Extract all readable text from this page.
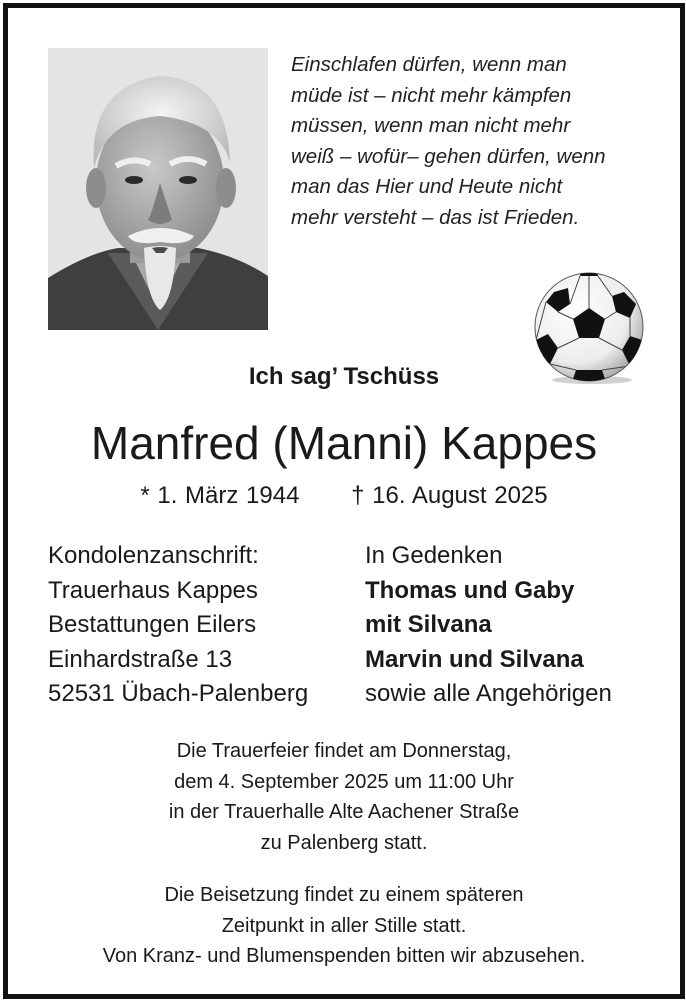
Einschlafen dürfen, wenn man
müde ist – nicht mehr kämpfen
müssen, wenn man nicht mehr
weiß – wofür– gehen dürfen, wenn
man das Hier und Heute nicht
mehr versteht – das ist Frieden.
Ich sag’ Tschüss
Manfred (Manni) Kappes
* 1. März 1944 † 16. August 2025
Kondolenzanschrift:
Trauerhaus Kappes
Bestattungen Eilers
Einhardstraße 13
52531 Übach-Palenberg
In Gedenken
Thomas und Gaby
mit Silvana
Marvin und Silvana
sowie alle Angehörigen
Die Trauerfeier findet am Donnerstag,
dem 4. September 2025 um 11:00 Uhr
in der Trauerhalle Alte Aachener Straße
zu Palenberg statt.
Die Beisetzung findet zu einem späteren
Zeitpunkt in aller Stille statt.
Von Kranz- und Blumenspenden bitten wir abzusehen.
